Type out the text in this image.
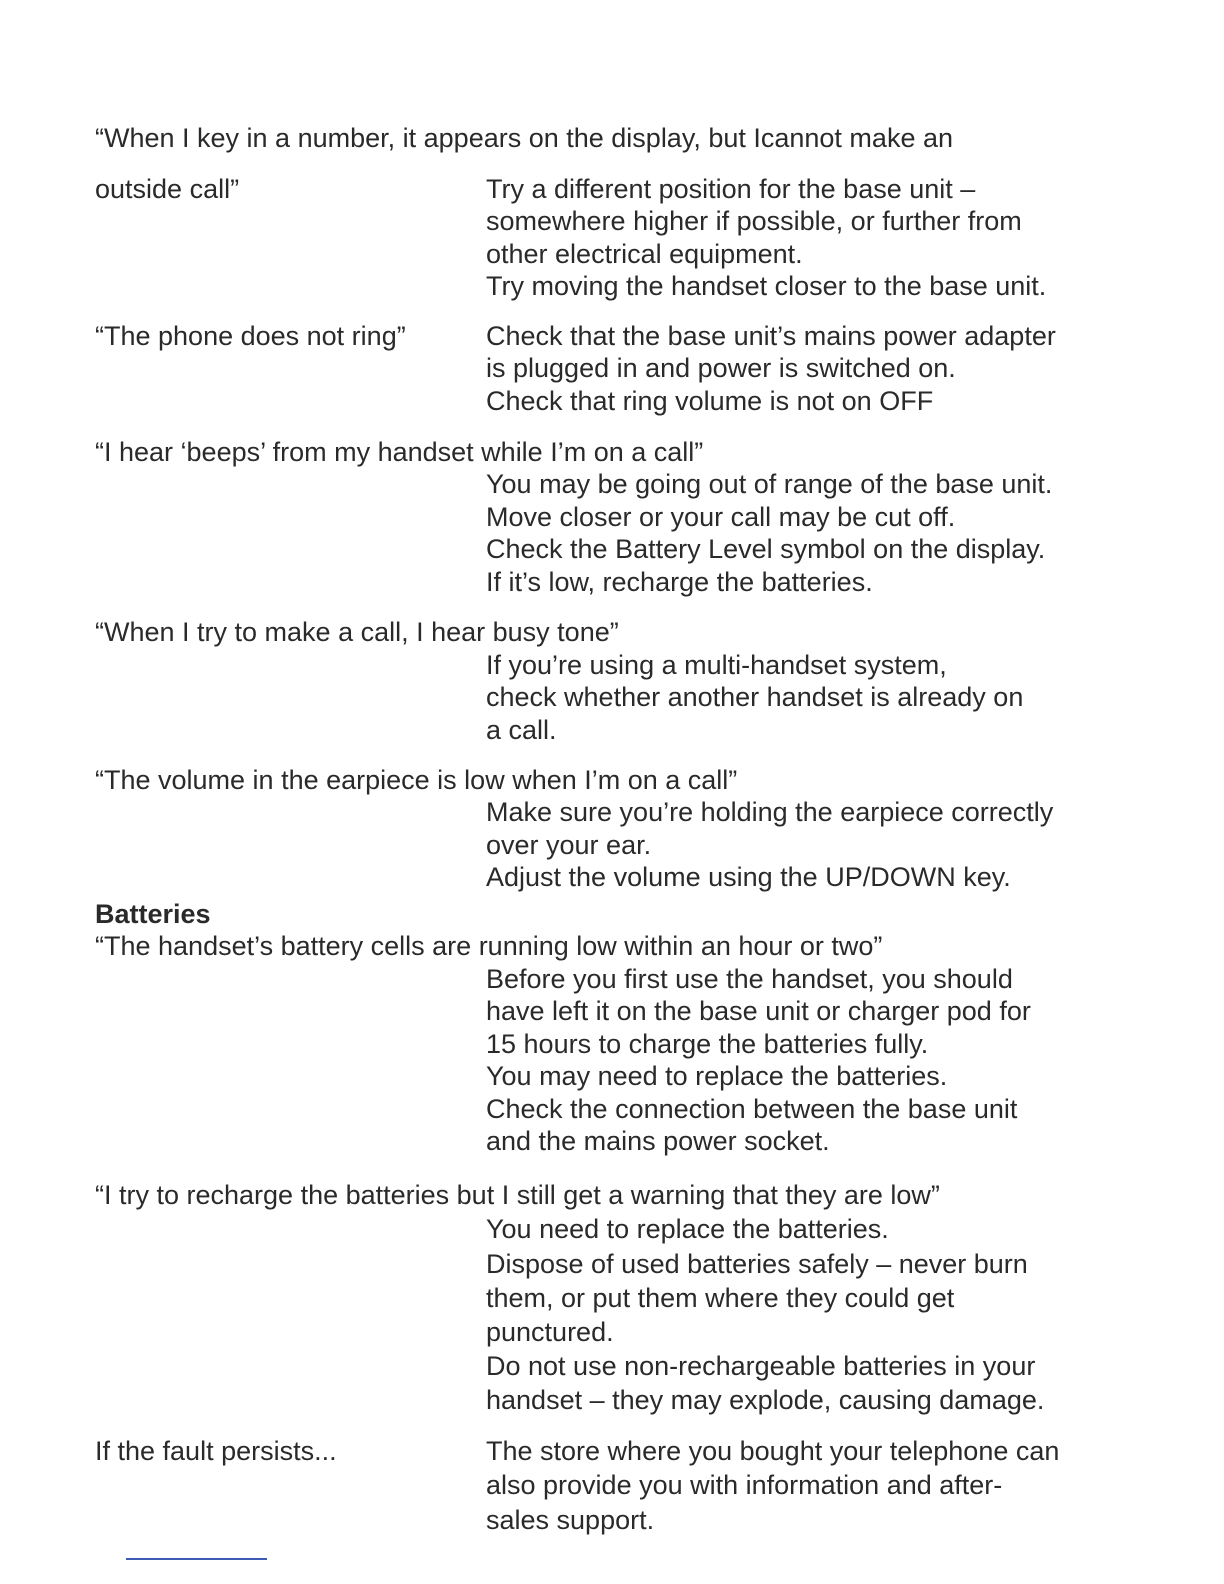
“When I key in a number, it appears on the display, but Icannot make an
outside call”	Try a different position for the base unit –
somewhere higher if possible, or further from
other electrical equipment.
Try moving the handset closer to the base unit.
“The phone does not ring”	Check that the base unit’s mains power adapter
is plugged in and power is switched on.
Check that ring volume is not on OFF
“I hear ‘beeps’ from my handset while I’m on a call”
You may be going out of range of the base unit.
Move closer or your call may be cut off.
Check the Battery Level symbol on the display.
If it’s low, recharge the batteries.
“When I try to make a call, I hear busy tone”
If you’re using a multi-handset system,
check whether another handset is already on
a call.
“The volume in the earpiece is low when I’m on a call”
Make sure you’re holding the earpiece correctly
over your ear.
Adjust the volume using the UP/DOWN key.
Batteries
“The handset’s battery cells are running low within an hour or two”
Before you first use the handset, you should
have left it on the base unit or charger pod for
15 hours to charge the batteries fully.
You may need to replace the batteries.
Check the connection between the base unit
and the mains power socket.
“I try to recharge the batteries but I still get a warning that they are low”
You need to replace the batteries.
Dispose of used batteries safely – never burn
them, or put them where they could get
punctured.
Do not use non-rechargeable batteries in your
handset – they may explode, causing damage.
If the fault persists...	The store where you bought your telephone can
also provide you with information and after-
sales support.
